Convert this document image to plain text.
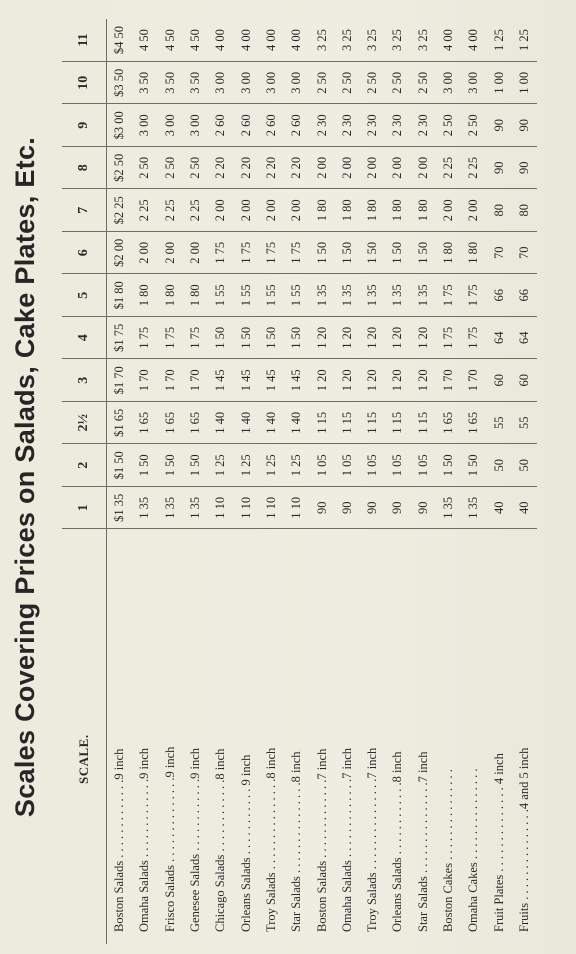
Scales Covering Prices on Salads, Cake Plates, Etc.	SCALE.	1	2	2½	3	4	5	6	7	8	9	10	11
Boston Salads . . . . . . . . . . . . .9 inch	$1 35	$1 50	$1 65	$1 70	$1 75	$1 80	$2 00	$2 25	$2 50	$3 00	$3 50	$4 50
Omaha Salads . . . . . . . . . . . . .9 inch	1 35	1 50	1 65	1 70	1 75	1 80	2 00	2 25	2 50	3 00	3 50	4 50
Frisco Salads . . . . . . . . . . . . . .9 inch	1 35	1 50	1 65	1 70	1 75	1 80	2 00	2 25	2 50	3 00	3 50	4 50
Genesee Salads . . . . . . . . . . . .9 inch	1 35	1 50	1 65	1 70	1 75	1 80	2 00	2 25	2 50	3 00	3 50	4 50
Chicago Salads . . . . . . . . . . . .8 inch	1 10	1 25	1 40	1 45	1 50	1 55	1 75	2 00	2 20	2 60	3 00	4 00
Orleans Salads . . . . . . . . . . . 9 inch	1 10	1 25	1 40	1 45	1 50	1 55	1 75	2 00	2 20	2 60	3 00	4 00
Troy Salads . . . . . . . . . . . . . . .8 inch	1 10	1 25	1 40	1 45	1 50	1 55	1 75	2 00	2 20	2 60	3 00	4 00
Star Salads . . . . . . . . . . . . . . .8 inch	1 10	1 25	1 40	1 45	1 50	1 55	1 75	2 00	2 20	2 60	3 00	4 00
Boston Salads . . . . . . . . . . . . .7 inch	90	1 05	1 15	1 20	1 20	1 35	1 50	1 80	2 00	2 30	2 50	3 25
Omaha Salads . . . . . . . . . . . . .7 inch	90	1 05	1 15	1 20	1 20	1 35	1 50	1 80	2 00	2 30	2 50	3 25
Troy Salads . . . . . . . . . . . . . . .7 inch	90	1 05	1 15	1 20	1 20	1 35	1 50	1 80	2 00	2 30	2 50	3 25
Orleans Salads . . . . . . . . . . . .8 inch	90	1 05	1 15	1 20	1 20	1 35	1 50	1 80	2 00	2 30	2 50	3 25
Star Salads . . . . . . . . . . . . . . .7 inch	90	1 05	1 15	1 20	1 20	1 35	1 50	1 80	2 00	2 30	2 50	3 25
Boston Cakes . . . . . . . . . . . . . . .	1 35	1 50	1 65	1 70	1 75	1 75	1 80	2 00	2 25	2 50	3 00	4 00
Omaha Cakes . . . . . . . . . . . . . . .	1 35	1 50	1 65	1 70	1 75	1 75	1 80	2 00	2 25	2 50	3 00	4 00
Fruit Plates . . . . . . . . . . . . . . 4 inch	40	50	55	60	64	66	70	80	90	90	1 00	1 25
Fruits . . . . . . . . . . . . . . .4 and 5 inch	40	50	55	60	64	66	70	80	90	90	1 00	1 25
